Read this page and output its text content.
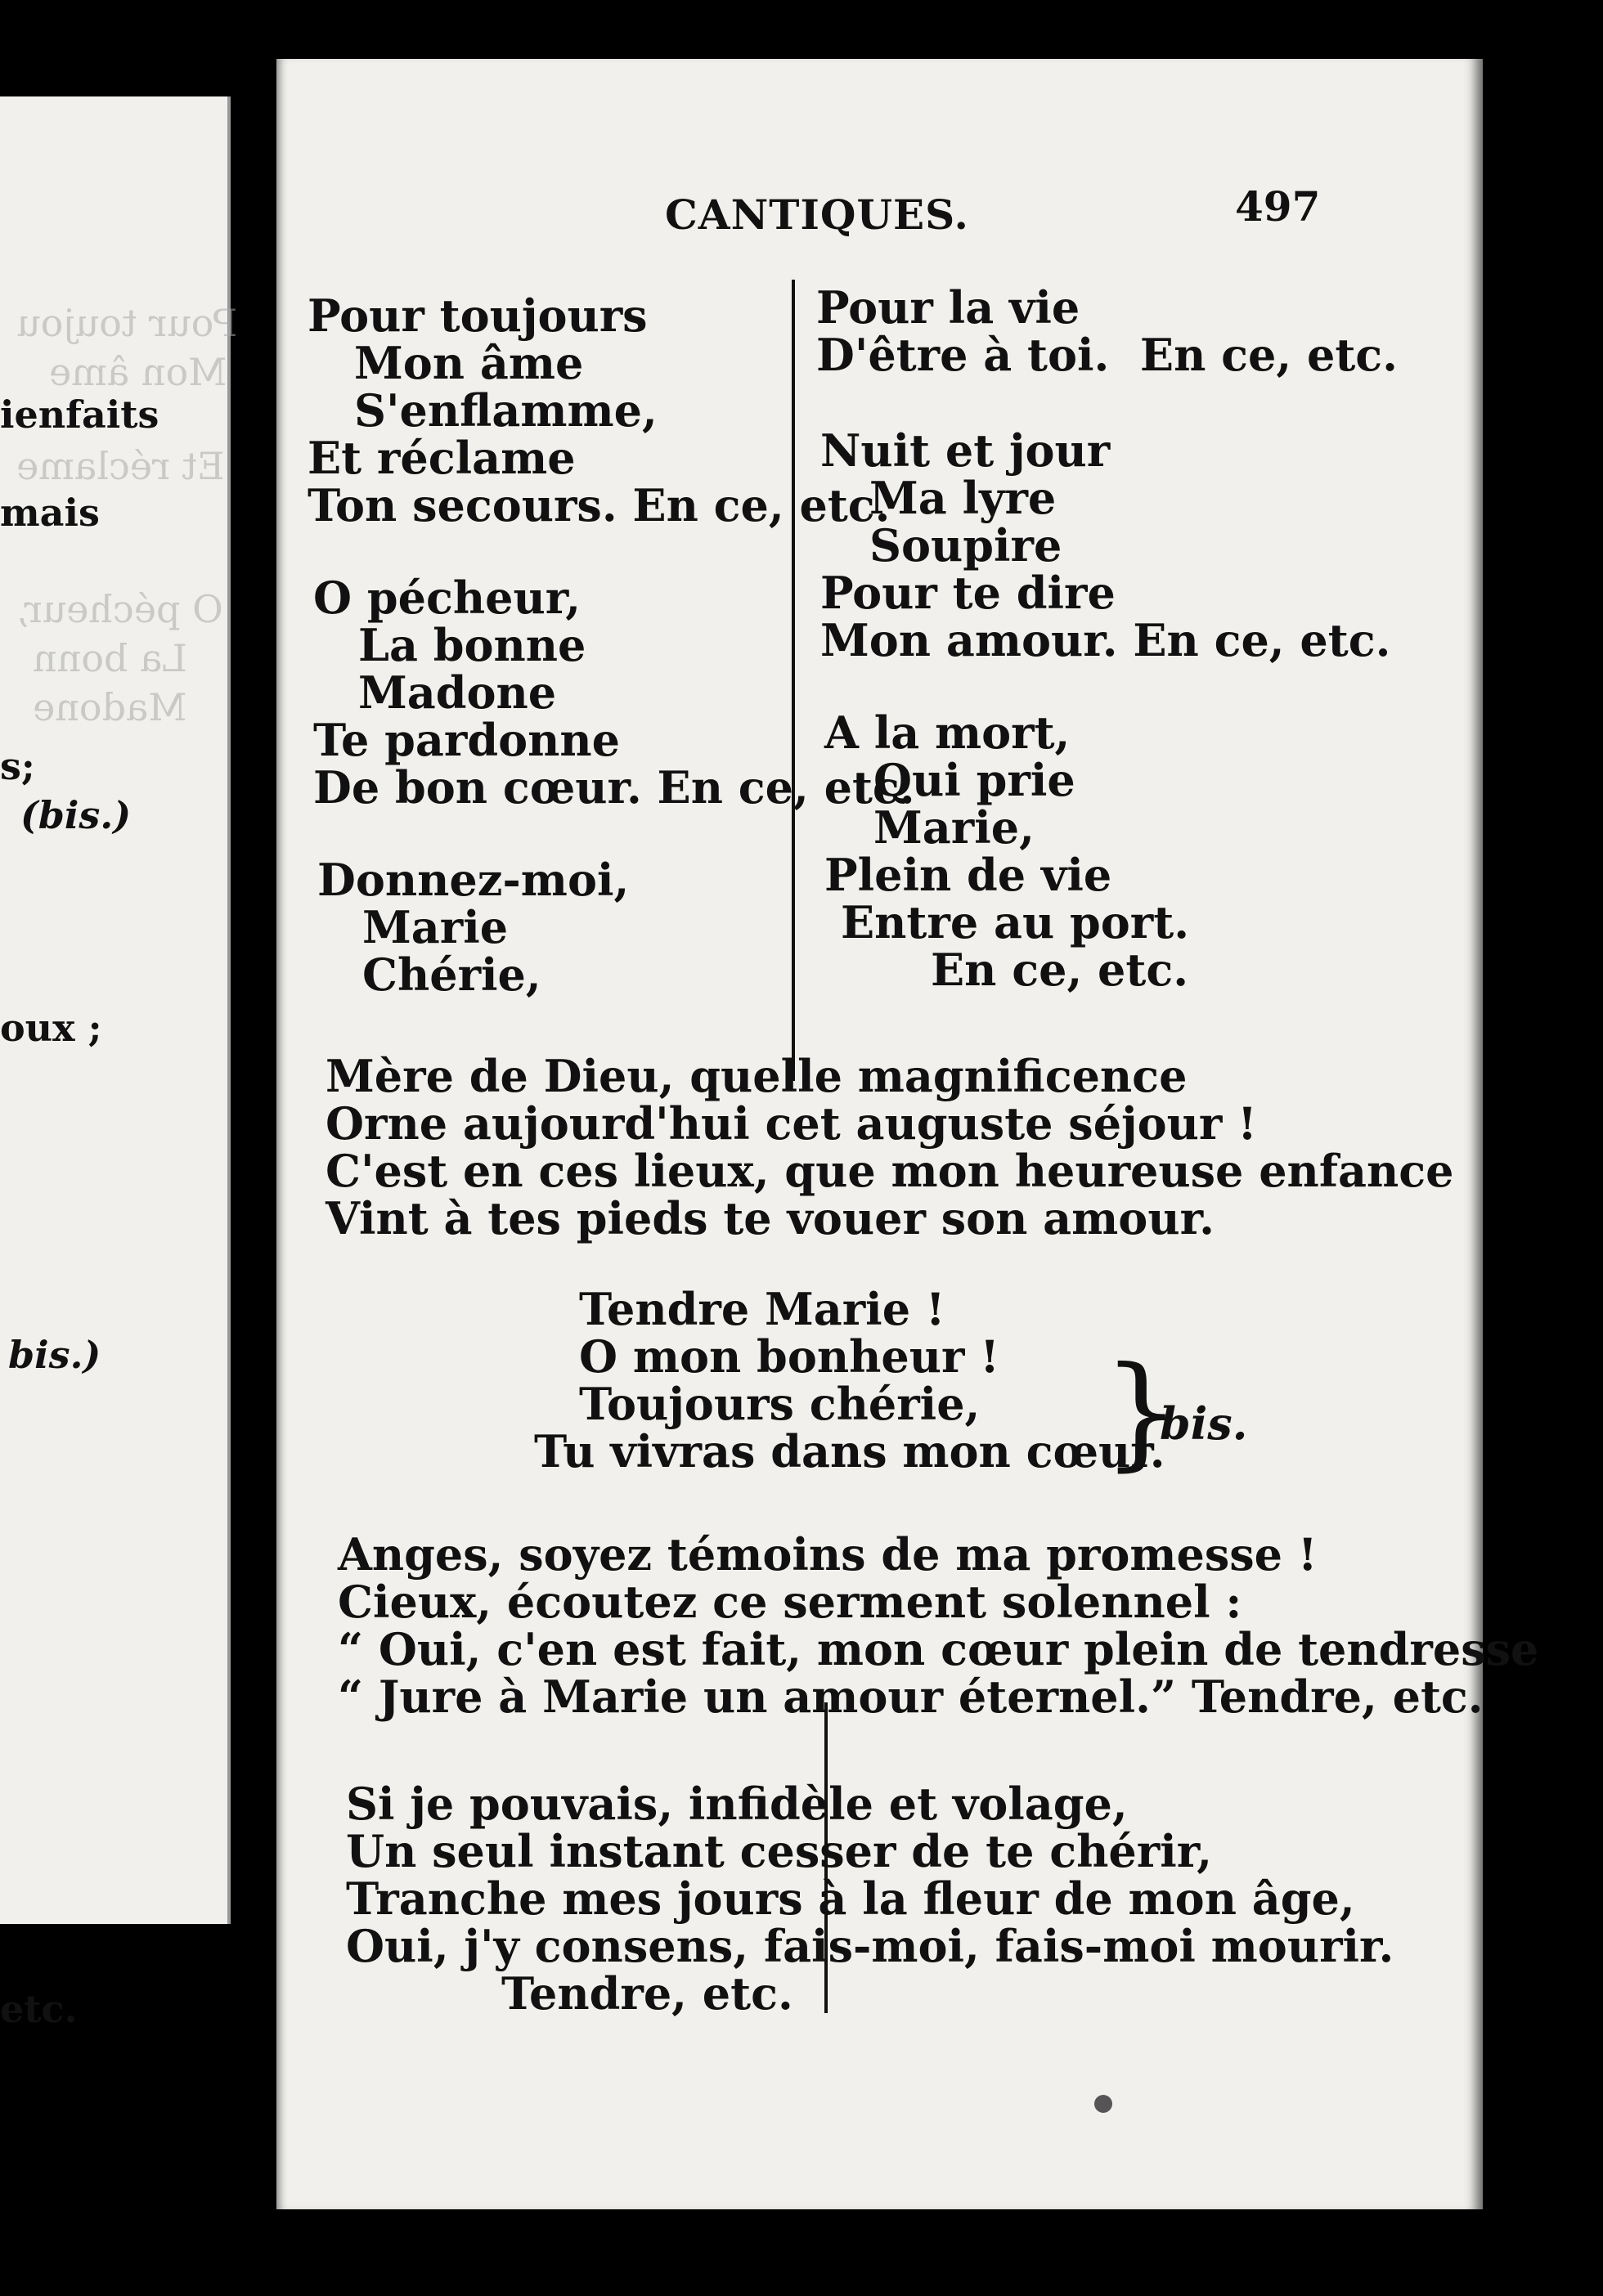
Pour toujou
Mon âme
ienfaits
Et réclame
mais
O pécheur,
La bonn
Madone
s;
(bis.)
oux ;
bis.)
etc.
CANTIQUES.	497
Pour toujours
Mon âme
S'enflamme,
Et réclame
Ton secours. En ce, etc.
Pour la vie
D'être à toi.  En ce, etc.
O pécheur,
La bonne
Madone
Te pardonne
De bon cœur. En ce, etc.
Nuit et jour
Ma lyre
Soupire
Pour te dire
Mon amour. En ce, etc.
Donnez-moi,
Marie
Chérie,
A la mort,
Qui prie
Marie,
Plein de vie
Entre au port.
En ce, etc.
Mère de Dieu, quelle magnificence
Orne aujourd'hui cet auguste séjour !
C'est en ces lieux, que mon heureuse enfance
Vint à tes pieds te vouer son amour.
Tendre Marie !
O mon bonheur !
Toujours chérie,
Tu vivras dans mon cœur.
}
bis.
Anges, soyez témoins de ma promesse !
Cieux, écoutez ce serment solennel :
“ Oui, c'en est fait, mon cœur plein de tendresse
“ Jure à Marie un amour éternel.” Tendre, etc.
Si je pouvais, infidèle et volage,
Un seul instant cesser de te chérir,
Tranche mes jours à la fleur de mon âge,
Oui, j'y consens, fais-moi, fais-moi mourir.
Tendre, etc.
